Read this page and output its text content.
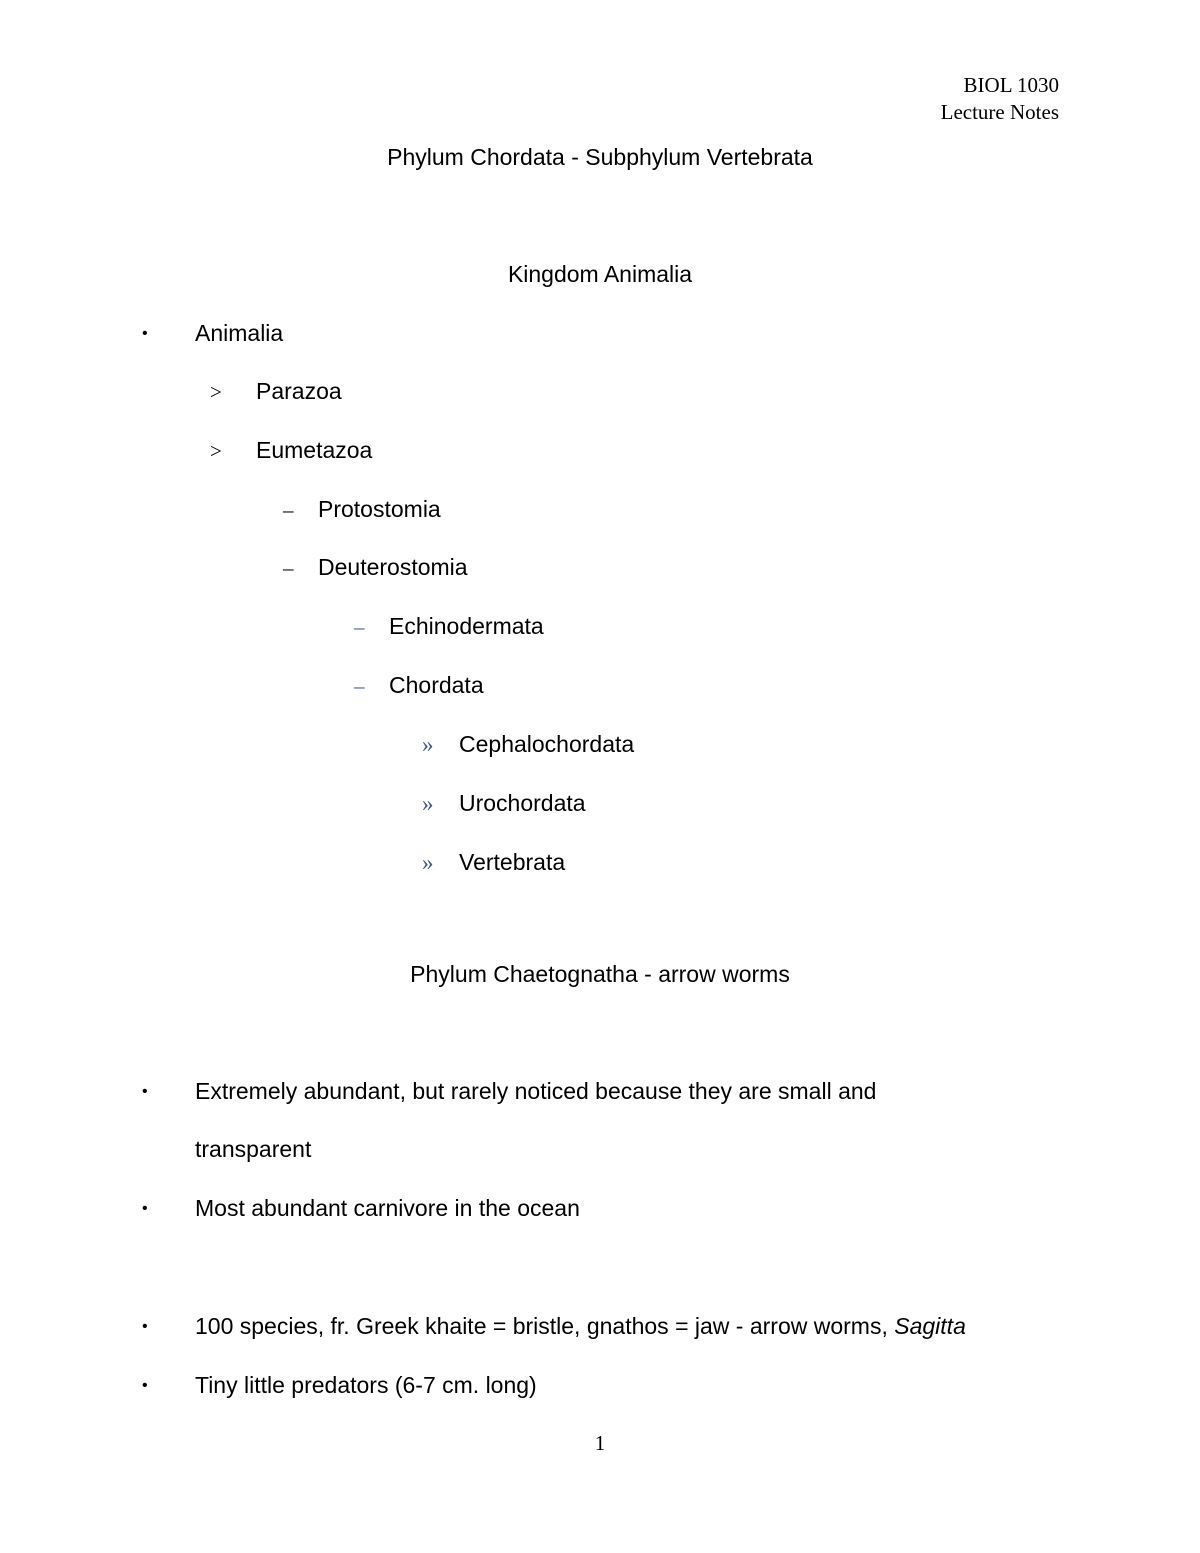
BIOL 1030
Lecture Notes
Phylum Chordata - Subphylum Vertebrata
Kingdom Animalia
• Animalia
> Parazoa
> Eumetazoa
– Protostomia
– Deuterostomia
– Echinodermata
– Chordata
» Cephalochordata
» Urochordata
» Vertebrata
Phylum Chaetognatha - arrow worms
• Extremely abundant, but rarely noticed because they are small and
transparent
• Most abundant carnivore in the ocean
• 100 species, fr. Greek khaite = bristle, gnathos = jaw - arrow worms, Sagitta
• Tiny little predators (6-7 cm. long)
1
